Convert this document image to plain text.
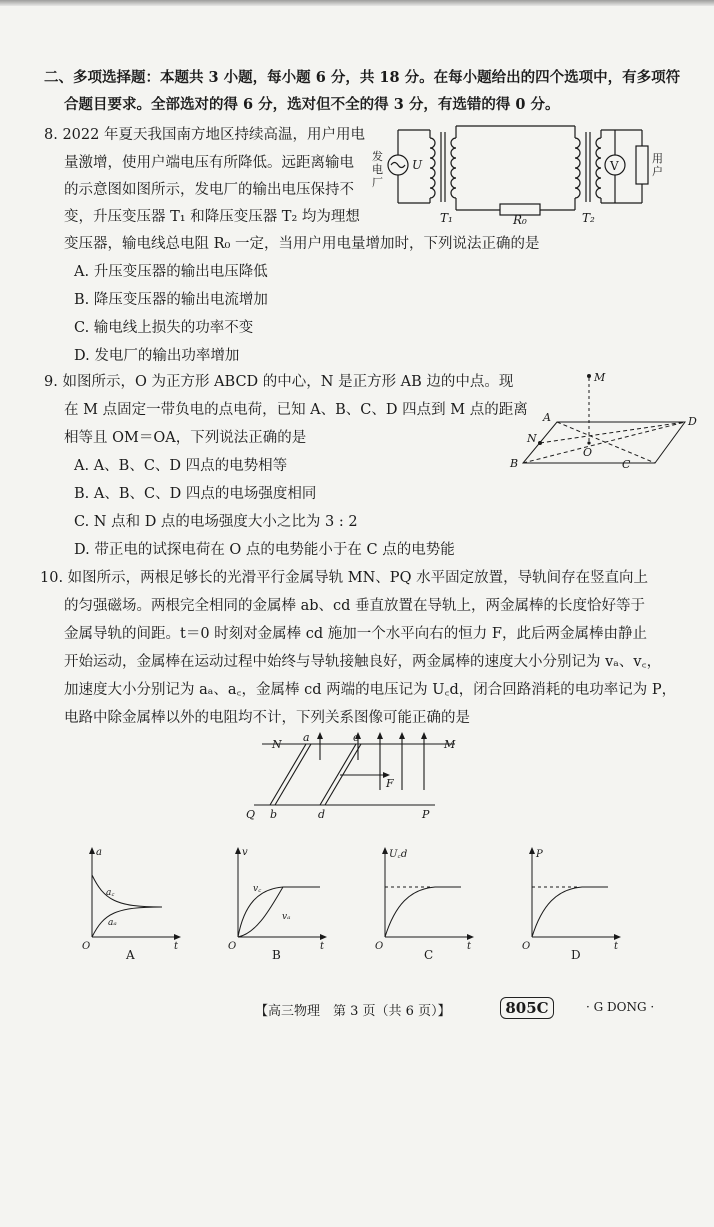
二、多项选择题：本题共 3 小题，每小题 6 分，共 18 分。在每小题给出的四个选项中，有多项符
合题目要求。全部选对的得 6 分，选对但不全的得 3 分，有选错的得 0 分。
8. 2022 年夏天我国南方地区持续高温，用户用电
量激增，使用户端电压有所降低。远距离输电
的示意图如图所示，发电厂的输出电压保持不
变，升压变压器 T₁ 和降压变压器 T₂ 均为理想
变压器，输电线总电阻 R₀ 一定，当用户用电量增加时，下列说法正确的是
A. 升压变压器的输出电压降低
B. 降压变压器的输出电流增加
C. 输电线上损失的功率不变
D. 发电厂的输出功率增加
发
电
厂
U
T₁	R₀	T₂
V
用
户
9. 如图所示，O 为正方形 ABCD 的中心，N 是正方形 AB 边的中点。现
在 M 点固定一带负电的点电荷，已知 A、B、C、D 四点到 M 点的距离
相等且 OM＝OA，下列说法正确的是
A. A、B、C、D 四点的电势相等
B. A、B、C、D 四点的电场强度相同
C. N 点和 D 点的电场强度大小之比为 3 : 2
D. 带正电的试探电荷在 O 点的电势能小于在 C 点的电势能
M
A	D
N
O
B	C
10. 如图所示，两根足够长的光滑平行金属导轨 MN、PQ 水平固定放置，导轨间存在竖直向上
的匀强磁场。两根完全相同的金属棒 ab、cd 垂直放置在导轨上，两金属棒的长度恰好等于
金属导轨的间距。t＝0 时刻对金属棒 cd 施加一个水平向右的恒力 F，此后两金属棒由静止
开始运动，金属棒在运动过程中始终与导轨接触良好，两金属棒的速度大小分别记为 vₐ、v꜀，
加速度大小分别记为 aₐ、a꜀，金属棒 cd 两端的电压记为 U꜀d，闭合回路消耗的电功率记为 P，
电路中除金属棒以外的电阻均不计，下列关系图像可能正确的是
N	M
Q	P
a
b
c
d
F
a
t
O
a꜀
aₐ
A
v
t
O
v꜀
vₐ
B
U꜀d
t
O
C
P
t
O
D
【高三物理　第 3 页（共 6 页）】	805C	· G DONG ·
